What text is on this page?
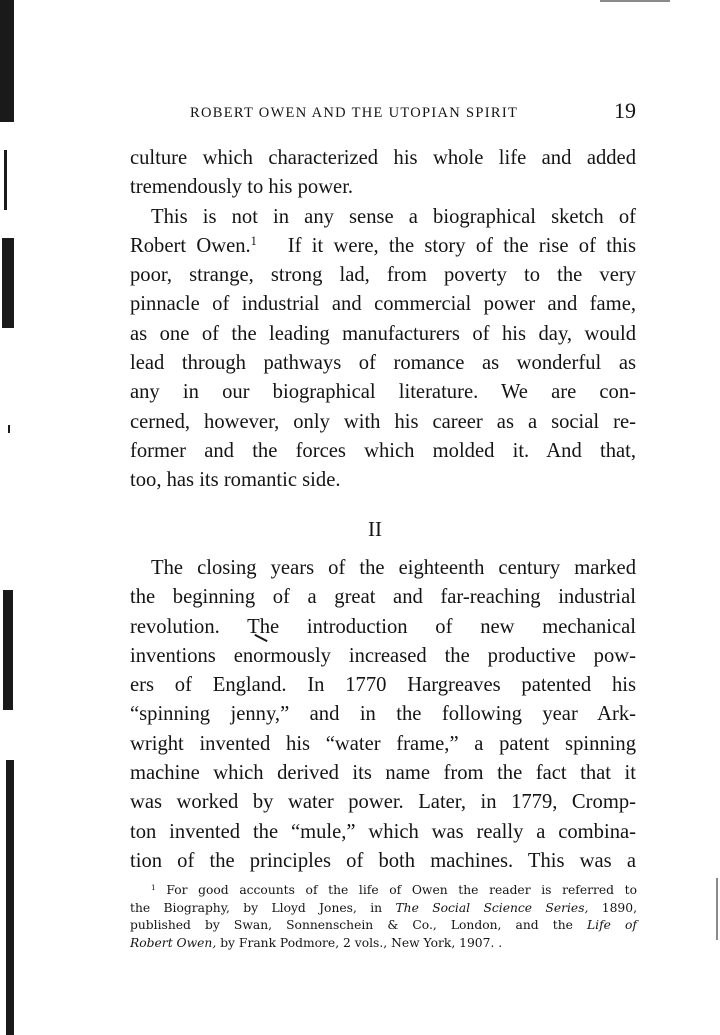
ROBERT OWEN AND THE UTOPIAN SPIRIT	19
culture which characterized his whole life and added
tremendously to his power.
This is not in any sense a biographical sketch of
Robert Owen.$^1$ If it were, the story of the rise of this
poor, strange, strong lad, from poverty to the very
pinnacle of industrial and commercial power and fame,
as one of the leading manufacturers of his day, would
lead through pathways of romance as wonderful as
any in our biographical literature. We are con-
cerned, however, only with his career as a social re-
former and the forces which molded it. And that,
too, has its romantic side.
II
The closing years of the eighteenth century marked
the beginning of a great and far-reaching industrial
revolution. The introduction of new mechanical
inventions enormously increased the productive pow-
ers of England. In 1770 Hargreaves patented his
“spinning jenny,” and in the following year Ark-
wright invented his “water frame,” a patent spinning
machine which derived its name from the fact that it
was worked by water power. Later, in 1779, Cromp-
ton invented the “mule,” which was really a combina-
tion of the principles of both machines. This was a
$^1$ For good accounts of the life of Owen the reader is referred to
the Biography, by Lloyd Jones, in The Social Science Series, 1890,
published by Swan, Sonnenschein & Co., London, and the Life of
Robert Owen, by Frank Podmore, 2 vols., New York, 1907. .
